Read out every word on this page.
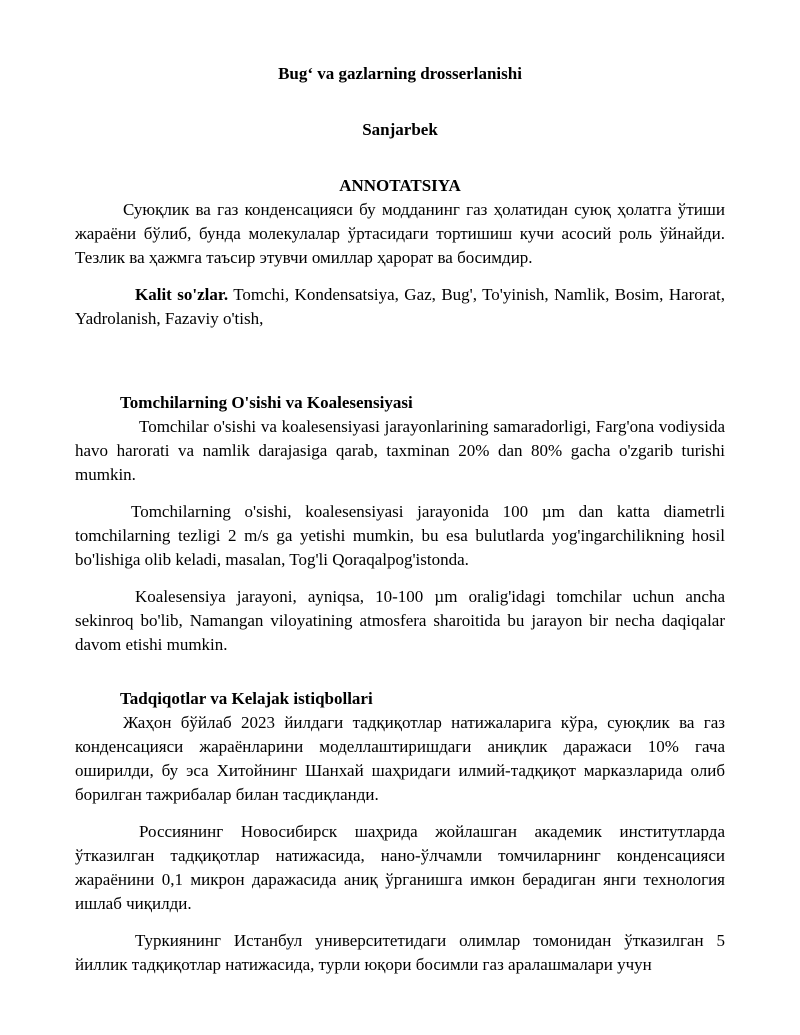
Bug‘ va gazlarning drosserlanishi
Sanjarbek
ANNOTATSIYA

Суюқлик ва газ конденсацияси бу модданинг газ ҳолатидан суюқ ҳолатга ўтиши жараёни бўлиб, бунда молекулалар ўртасидаги тортишиш кучи асосий роль ўйнайди. Тезлик ва ҳажмга таъсир этувчи омиллар ҳарорат ва босимдир.

Kalit so'zlar. Tomchi, Kondensatsiya, Gaz, Bug', To'yinish, Namlik, Bosim, Harorat, Yadrolanish, Fazaviy o'tish,

Tomchilarning O'sishi va Koalesensiyasi

Tomchilar o'sishi va koalesensiyasi jarayonlarining samaradorligi, Farg'ona vodiysida havo harorati va namlik darajasiga qarab, taxminan 20% dan 80% gacha o'zgarib turishi mumkin.

Tomchilarning o'sishi, koalesensiyasi jarayonida 100 µm dan katta diametrli tomchilarning tezligi 2 m/s ga yetishi mumkin, bu esa bulutlarda yog'ingarchilikning hosil bo'lishiga olib keladi, masalan, Tog'li Qoraqalpog'istonda.

Koalesensiya jarayoni, ayniqsa, 10-100 µm oralig'idagi tomchilar uchun ancha sekinroq bo'lib, Namangan viloyatining atmosfera sharoitida bu jarayon bir necha daqiqalar davom etishi mumkin.

Tadqiqotlar va Kelajak istiqbollari

Жаҳон бўйлаб 2023 йилдаги тадқиқотлар натижаларига кўра, суюқлик ва газ конденсацияси жараёнларини моделлаштиришдаги аниқлик даражаси 10% гача оширилди, бу эса Хитойнинг Шанхай шаҳридаги илмий-тадқиқот марказларида олиб борилган тажрибалар билан тасдиқланди.

Россиянинг Новосибирск шаҳрида жойлашган академик институтларда ўтказилган тадқиқотлар натижасида, нано-ўлчамли томчиларнинг конденсацияси жараёнини 0,1 микрон даражасида аниқ ўрганишга имкон берадиган янги технология ишлаб чиқилди.

Туркиянинг Истанбул университетидаги олимлар томонидан ўтказилган 5 йиллик тадқиқотлар натижасида, турли юқори босимли газ аралашмалари учун
